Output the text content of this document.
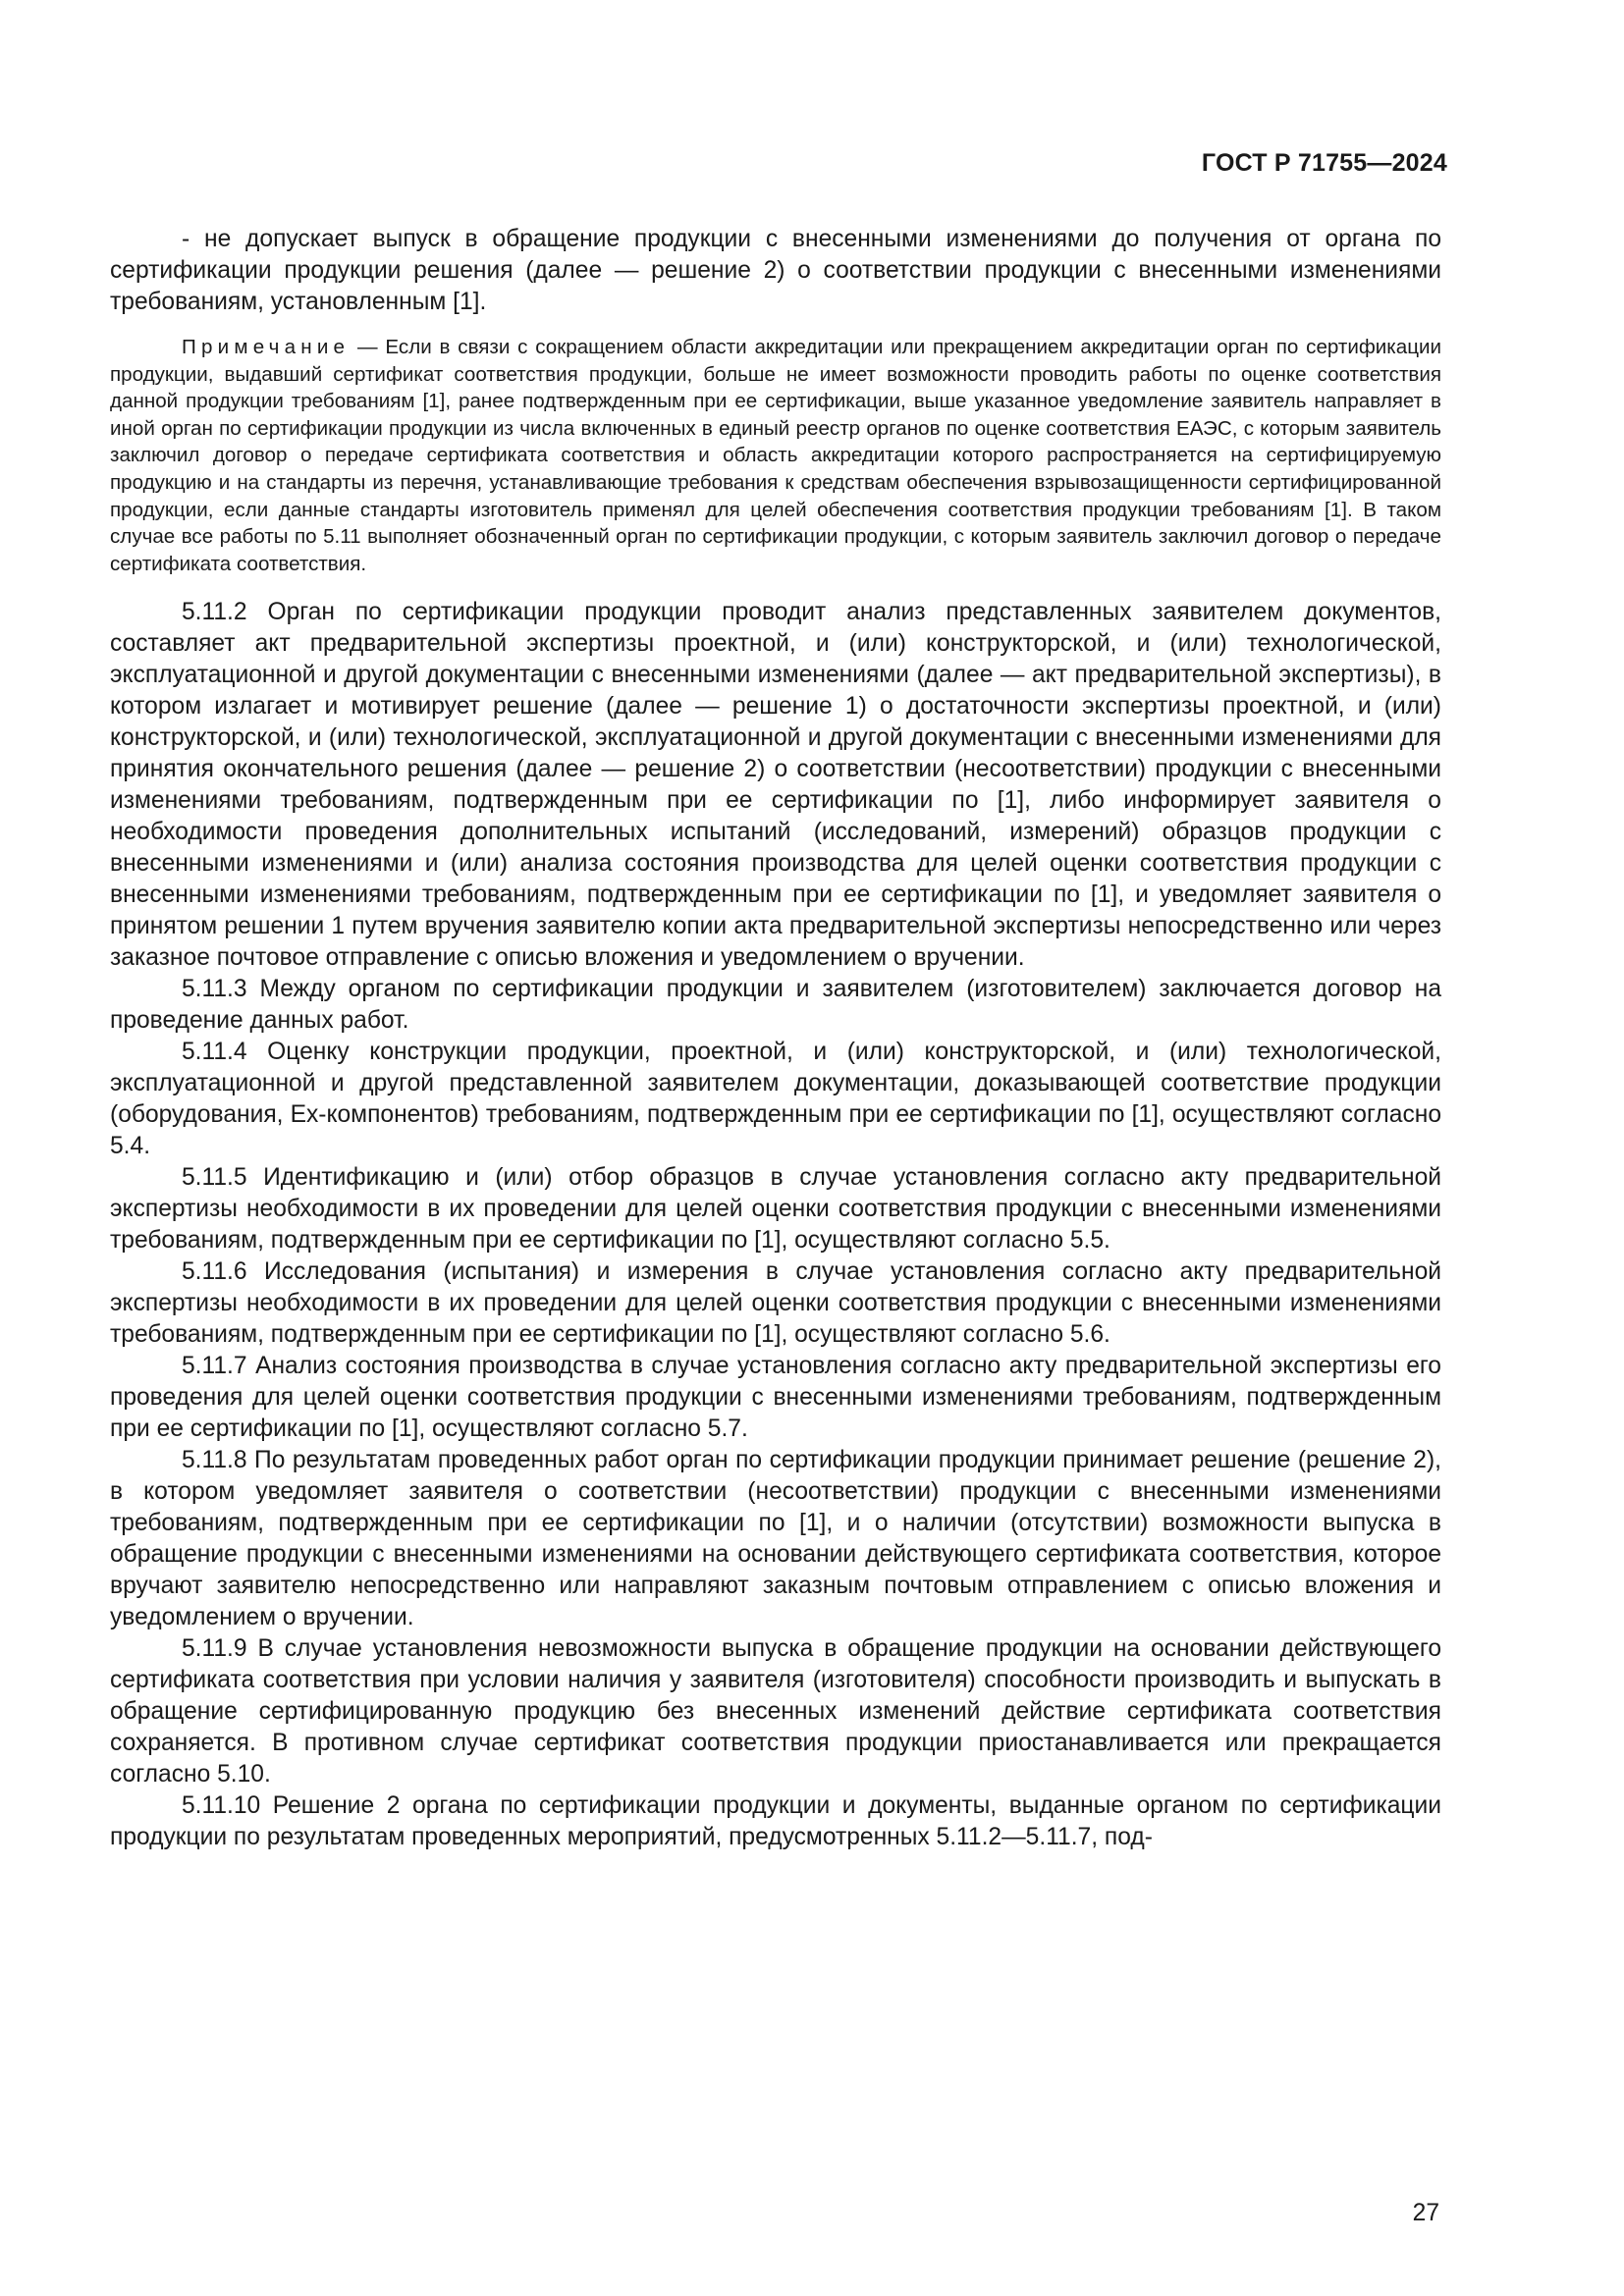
ГОСТ Р 71755—2024

- не допускает выпуск в обращение продукции с внесенными изменениями до получения от органа по сертификации продукции решения (далее — решение 2) о соответствии продукции с внесенными изменениями требованиям, установленным [1].

Примечание — Если в связи с сокращением области аккредитации или прекращением аккредитации орган по сертификации продукции, выдавший сертификат соответствия продукции, больше не имеет возможности проводить работы по оценке соответствия данной продукции требованиям [1], ранее подтвержденным при ее сертификации, выше указанное уведомление заявитель направляет в иной орган по сертификации продукции из числа включенных в единый реестр органов по оценке соответствия ЕАЭС, с которым заявитель заключил договор о передаче сертификата соответствия и область аккредитации которого распространяется на сертифицируемую продукцию и на стандарты из перечня, устанавливающие требования к средствам обеспечения взрывозащищенности сертифицированной продукции, если данные стандарты изготовитель применял для целей обеспечения соответствия продукции требованиям [1]. В таком случае все работы по 5.11 выполняет обозначенный орган по сертификации продукции, с которым заявитель заключил договор о передаче сертификата соответствия.

5.11.2 Орган по сертификации продукции проводит анализ представленных заявителем документов, составляет акт предварительной экспертизы проектной, и (или) конструкторской, и (или) технологической, эксплуатационной и другой документации с внесенными изменениями (далее — акт предварительной экспертизы), в котором излагает и мотивирует решение (далее — решение 1) о достаточности экспертизы проектной, и (или) конструкторской, и (или) технологической, эксплуатационной и другой документации с внесенными изменениями для принятия окончательного решения (далее — решение 2) о соответствии (несоответствии) продукции с внесенными изменениями требованиям, подтвержденным при ее сертификации по [1], либо информирует заявителя о необходимости проведения дополнительных испытаний (исследований, измерений) образцов продукции с внесенными изменениями и (или) анализа состояния производства для целей оценки соответствия продукции с внесенными изменениями требованиям, подтвержденным при ее сертификации по [1], и уведомляет заявителя о принятом решении 1 путем вручения заявителю копии акта предварительной экспертизы непосредственно или через заказное почтовое отправление с описью вложения и уведомлением о вручении.

5.11.3 Между органом по сертификации продукции и заявителем (изготовителем) заключается договор на проведение данных работ.

5.11.4 Оценку конструкции продукции, проектной, и (или) конструкторской, и (или) технологической, эксплуатационной и другой представленной заявителем документации, доказывающей соответствие продукции (оборудования, Ex-компонентов) требованиям, подтвержденным при ее сертификации по [1], осуществляют согласно 5.4.

5.11.5 Идентификацию и (или) отбор образцов в случае установления согласно акту предварительной экспертизы необходимости в их проведении для целей оценки соответствия продукции с внесенными изменениями требованиям, подтвержденным при ее сертификации по [1], осуществляют согласно 5.5.

5.11.6 Исследования (испытания) и измерения в случае установления согласно акту предварительной экспертизы необходимости в их проведении для целей оценки соответствия продукции с внесенными изменениями требованиям, подтвержденным при ее сертификации по [1], осуществляют согласно 5.6.

5.11.7 Анализ состояния производства в случае установления согласно акту предварительной экспертизы его проведения для целей оценки соответствия продукции с внесенными изменениями требованиям, подтвержденным при ее сертификации по [1], осуществляют согласно 5.7.

5.11.8 По результатам проведенных работ орган по сертификации продукции принимает решение (решение 2), в котором уведомляет заявителя о соответствии (несоответствии) продукции с внесенными изменениями требованиям, подтвержденным при ее сертификации по [1], и о наличии (отсутствии) возможности выпуска в обращение продукции с внесенными изменениями на основании действующего сертификата соответствия, которое вручают заявителю непосредственно или направляют заказным почтовым отправлением с описью вложения и уведомлением о вручении.

5.11.9 В случае установления невозможности выпуска в обращение продукции на основании действующего сертификата соответствия при условии наличия у заявителя (изготовителя) способности производить и выпускать в обращение сертифицированную продукцию без внесенных изменений действие сертификата соответствия сохраняется. В противном случае сертификат соответствия продукции приостанавливается или прекращается согласно 5.10.

5.11.10 Решение 2 органа по сертификации продукции и документы, выданные органом по сертификации продукции по результатам проведенных мероприятий, предусмотренных 5.11.2—5.11.7, под-

27
